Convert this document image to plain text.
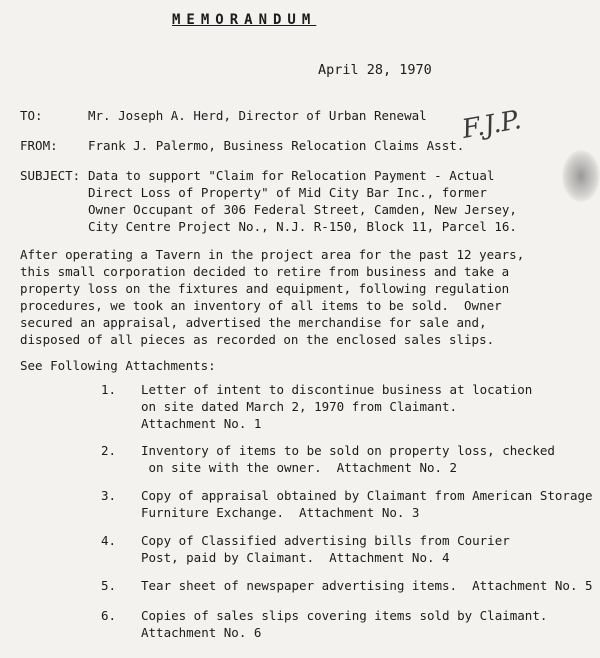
MEMORANDUM
April 28, 1970
TO:	Mr. Joseph A. Herd, Director of Urban Renewal
FROM: Frank J. Palermo, Business Relocation Claims Asst.
F.J.P.
SUBJECT: Data to support "Claim for Relocation Payment - Actual
Direct Loss of Property" of Mid City Bar Inc., former
Owner Occupant of 306 Federal Street, Camden, New Jersey,
City Centre Project No., N.J. R-150, Block 11, Parcel 16.
After operating a Tavern in the project area for the past 12 years,
this small corporation decided to retire from business and take a
property loss on the fixtures and equipment, following regulation
procedures, we took an inventory of all items to be sold.  Owner
secured an appraisal, advertised the merchandise for sale and,
disposed of all pieces as recorded on the enclosed sales slips.
See Following Attachments:
1. Letter of intent to discontinue business at location
on site dated March 2, 1970 from Claimant.
Attachment No. 1
2. Inventory of items to be sold on property loss, checked
on site with the owner.  Attachment No. 2
3. Copy of appraisal obtained by Claimant from American Storage
Furniture Exchange.  Attachment No. 3
4. Copy of Classified advertising bills from Courier
Post, paid by Claimant.  Attachment No. 4
5. Tear sheet of newspaper advertising items.  Attachment No. 5
6. Copies of sales slips covering items sold by Claimant.
Attachment No. 6
